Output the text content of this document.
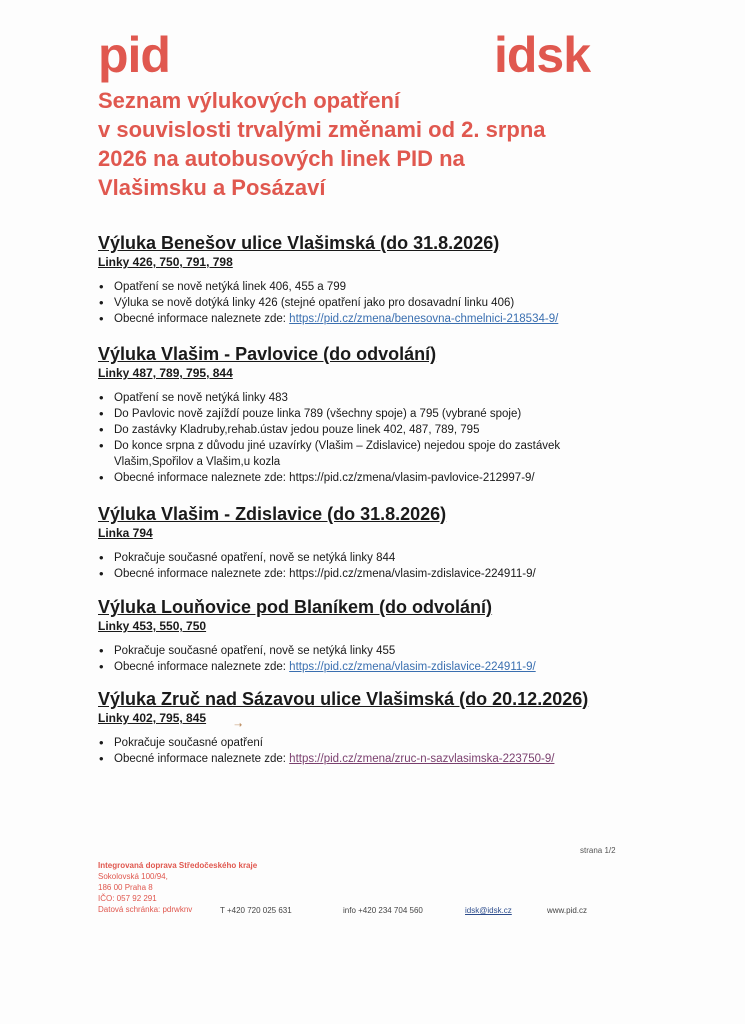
pid	idsk
Seznam výlukových opatření
v souvislosti trvalými změnami od 2. srpna
2026 na autobusových linek PID na
Vlašimsku a Posázaví
Výluka Benešov ulice Vlašimská (do 31.8.2026)
Linky 426, 750, 791, 798
• Opatření se nově netýká linek 406, 455 a 799
• Výluka se nově dotýká linky 426 (stejné opatření jako pro dosavadní linku 406)
• Obecné informace naleznete zde: https://pid.cz/zmena/benesovna-chmelnici-218534-9/
Výluka Vlašim - Pavlovice (do odvolání)
Linky 487, 789, 795, 844
• Opatření se nově netýká linky 483
• Do Pavlovic nově zajíždí pouze linka 789 (všechny spoje) a 795 (vybrané spoje)
• Do zastávky Kladruby,rehab.ústav jedou pouze linek 402, 487, 789, 795
• Do konce srpna z důvodu jiné uzavírky (Vlašim – Zdislavice) nejedou spoje do zastávek Vlašim,Spořilov a Vlašim,u kozla
• Obecné informace naleznete zde: https://pid.cz/zmena/vlasim-pavlovice-212997-9/
Výluka Vlašim - Zdislavice (do 31.8.2026)
Linka 794
• Pokračuje současné opatření, nově se netýká linky 844
• Obecné informace naleznete zde: https://pid.cz/zmena/vlasim-zdislavice-224911-9/
Výluka Louňovice pod Blaníkem (do odvolání)
Linky 453, 550, 750
• Pokračuje současné opatření, nově se netýká linky 455
• Obecné informace naleznete zde: https://pid.cz/zmena/vlasim-zdislavice-224911-9/
Výluka Zruč nad Sázavou ulice Vlašimská (do 20.12.2026)
Linky 402, 795, 845
• Pokračuje současné opatření
• Obecné informace naleznete zde: https://pid.cz/zmena/zruc-n-sazvlasimska-223750-9/
➝
strana 1/2
Integrovaná doprava Středočeského kraje
Sokolovská 100/94,
186 00 Praha 8
IČO: 057 92 291
Datová schránka: pdrwknv	T +420 720 025 631	info +420 234 704 560	idsk@idsk.cz	www.pid.cz
